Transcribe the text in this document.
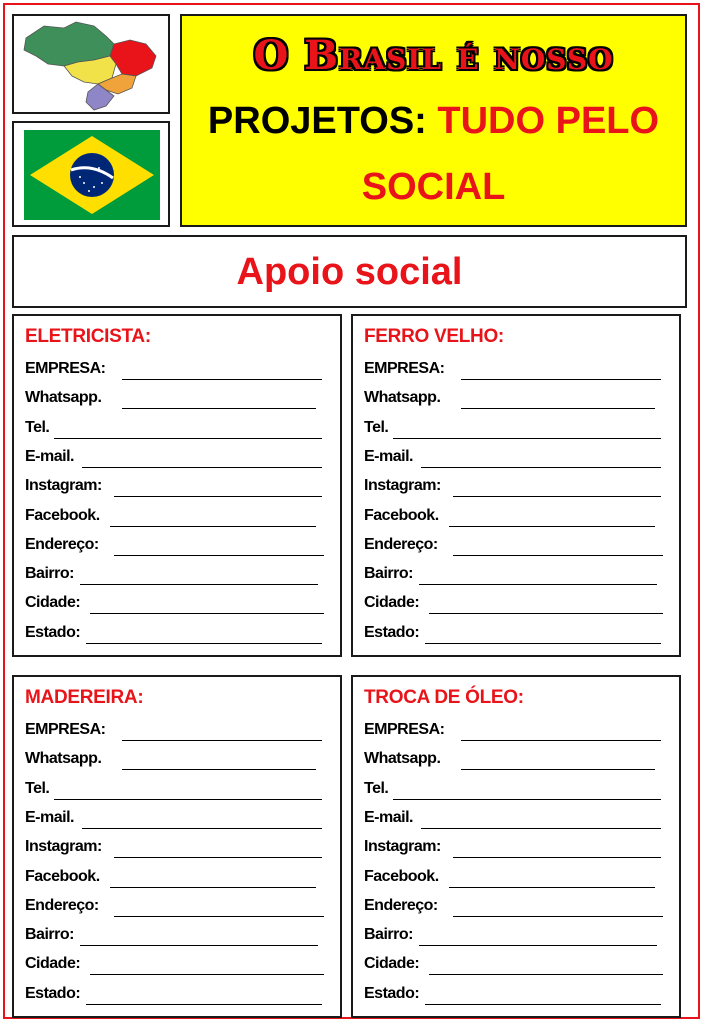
O Brasil é nosso
PROJETOS: TUDO PELO
SOCIAL
Apoio social
ELETRICISTA:
EMPRESA:
Whatsapp.
Tel.
E-mail.
Instagram:
Facebook.
Endereço:
Bairro:
Cidade:
Estado:
FERRO VELHO:
EMPRESA:
Whatsapp.
Tel.
E-mail.
Instagram:
Facebook.
Endereço:
Bairro:
Cidade:
Estado:
MADEREIRA:
EMPRESA:
Whatsapp.
Tel.
E-mail.
Instagram:
Facebook.
Endereço:
Bairro:
Cidade:
Estado:
TROCA DE ÓLEO:
EMPRESA:
Whatsapp.
Tel.
E-mail.
Instagram:
Facebook.
Endereço:
Bairro:
Cidade:
Estado:
